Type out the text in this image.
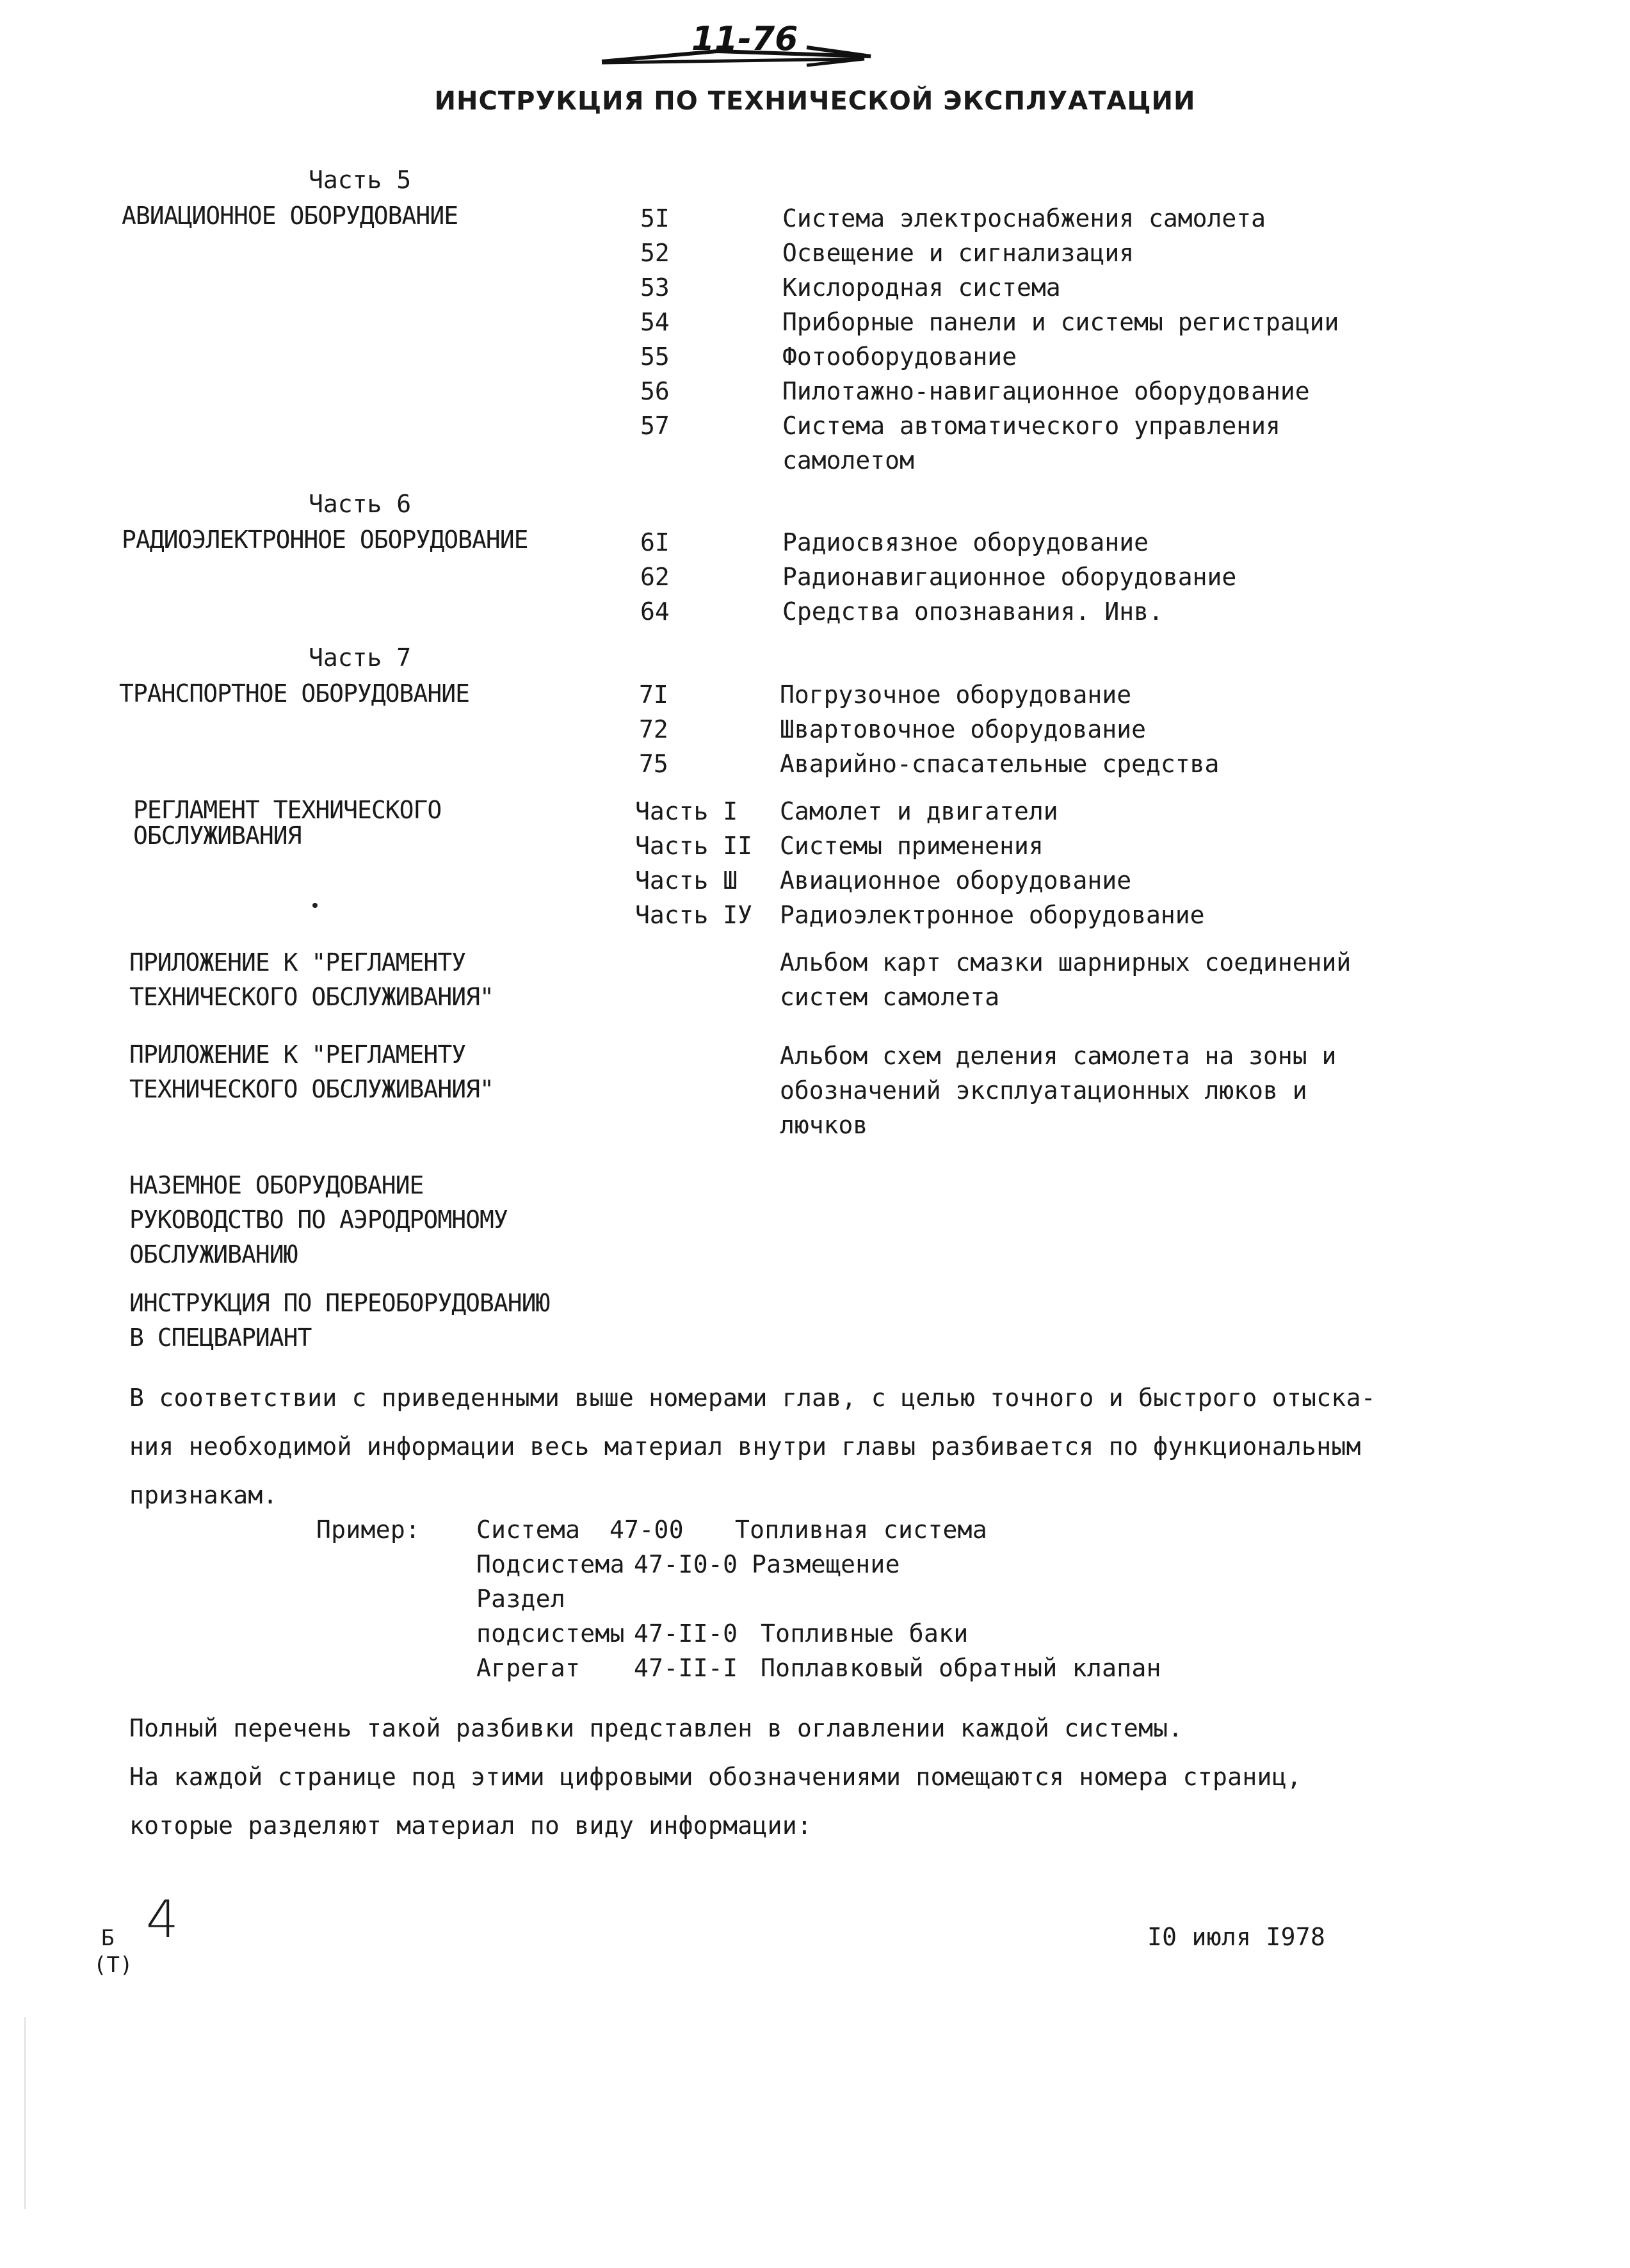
11-76
ИНСТРУКЦИЯ ПО ТЕХНИЧЕСКОЙ ЭКСПЛУАТАЦИИ
Часть 5
АВИАЦИОННОЕ ОБОРУДОВАНИЕ	5I	Система электроснабжения самолета
52	Освещение и сигнализация
53	Кислородная система
54	Приборные панели и системы регистрации
55	Фотооборудование
56	Пилотажно-навигационное оборудование
57	Система автоматического управления
самолетом
Часть 6
РАДИОЭЛЕКТРОННОЕ ОБОРУДОВАНИЕ	6I	Радиосвязное оборудование
62	Радионавигационное оборудование
64	Средства опознавания. Инв.
Часть 7
ТРАНСПОРТНОЕ ОБОРУДОВАНИЕ	7I	Погрузочное оборудование
72	Швартовочное оборудование
75	Аварийно-спасательные средства
РЕГЛАМЕНТ ТЕХНИЧЕСКОГО
ОБСЛУЖИВАНИЯ
Часть I Самолет и двигатели
Часть II Системы применения
Часть Ш Авиационное оборудование
Часть IУ Радиоэлектронное оборудование
ПРИЛОЖЕНИЕ К "РЕГЛАМЕНТУ
ТЕХНИЧЕСКОГО ОБСЛУЖИВАНИЯ"
Альбом карт смазки шарнирных соединений
систем самолета
ПРИЛОЖЕНИЕ К "РЕГЛАМЕНТУ
ТЕХНИЧЕСКОГО ОБСЛУЖИВАНИЯ"
Альбом схем деления самолета на зоны и
обозначений эксплуатационных люков и
лючков
НАЗЕМНОЕ ОБОРУДОВАНИЕ
РУКОВОДСТВО ПО АЭРОДРОМНОМУ
ОБСЛУЖИВАНИЮ
ИНСТРУКЦИЯ ПО ПЕРЕОБОРУДОВАНИЮ
В СПЕЦВАРИАНТ
В соответствии с приведенными выше номерами глав, с целью точного и быстрого отыска-
ния необходимой информации весь материал внутри главы разбивается по функциональным
признакам.
Пример: Система 47-00 Топливная система
Подсистема 47-I0-0 Размещение
Раздел
подсистемы 47-II-0 Топливные баки
Агрегат 47-II-I Поплавковый обратный клапан
Полный перечень такой разбивки представлен в оглавлении каждой системы.
На каждой странице под этими цифровыми обозначениями помещаются номера страниц,
которые разделяют материал по виду информации:
Б
(Т)
4	I0 июля I978
